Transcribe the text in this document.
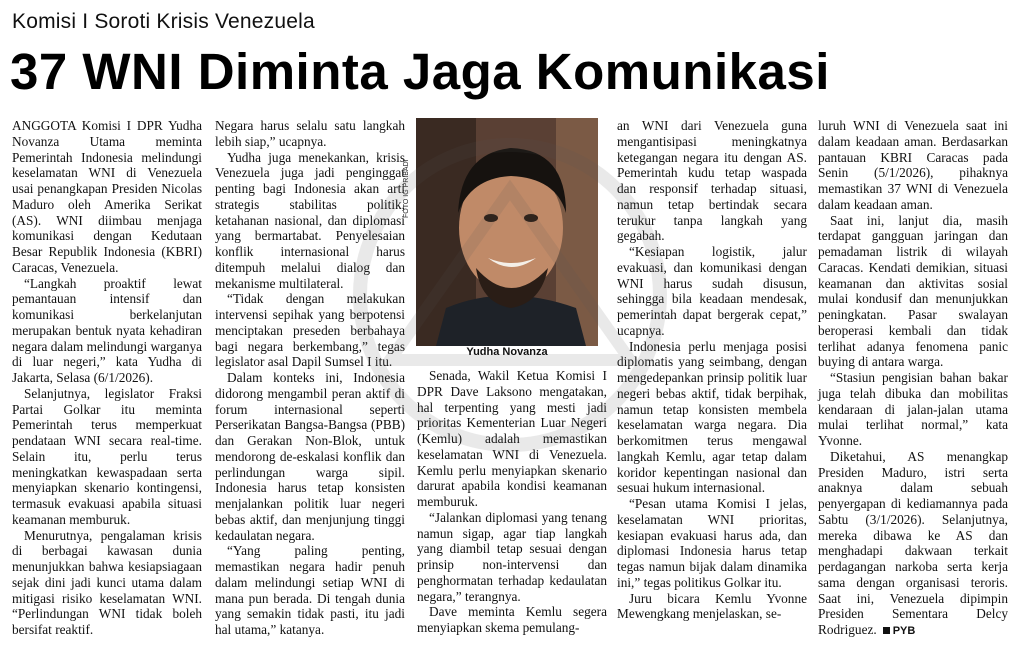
Komisi I Soroti Krisis Venezuela
37 WNI Diminta Jaga Komunikasi

ANGGOTA Komisi I DPR Yudha Novanza Utama meminta Pemerintah Indonesia melindungi keselamatan WNI di Venezuela usai penangkapan Presiden Nicolas Maduro oleh Amerika Serikat (AS). WNI diimbau menjaga komunikasi dengan Kedutaan Besar Republik Indonesia (KBRI) Caracas, Venezuela.

“Langkah proaktif lewat pemantauan intensif dan komunikasi berkelanjutan merupakan bentuk nyata kehadiran negara dalam melindungi warganya di luar negeri,” kata Yudha di Jakarta, Selasa (6/1/2026).

Selanjutnya, legislator Fraksi Partai Golkar itu meminta Pemerintah terus memperkuat pendataan WNI secara real-time. Selain itu, perlu terus meningkatkan kewaspadaan serta menyiapkan skenario kontingensi, termasuk evakuasi apabila situasi keamanan memburuk.

Menurutnya, pengalaman krisis di berbagai kawasan dunia menunjukkan bahwa kesiapsiagaan sejak dini jadi kunci utama dalam mitigasi risiko keselamatan WNI. “Perlindungan WNI tidak boleh bersifat reaktif.

Negara harus selalu satu langkah lebih siap,” ucapnya.

Yudha juga menekankan, krisis Venezuela juga jadi penginggat penting bagi Indonesia akan arti strategis stabilitas politik, ketahanan nasional, dan diplomasi yang bermartabat. Penyelesaian konflik internasional harus ditempuh melalui dialog dan mekanisme multilateral.

“Tidak dengan melakukan intervensi sepihak yang berpotensi menciptakan preseden berbahaya bagi negara berkembang,” tegas legislator asal Dapil Sumsel I itu.

Dalam konteks ini, Indonesia didorong mengambil peran aktif di forum internasional seperti Perserikatan Bangsa-Bangsa (PBB) dan Gerakan Non-Blok, untuk mendorong de-eskalasi konflik dan perlindungan warga sipil. Indonesia harus tetap konsisten menjalankan politik luar negeri bebas aktif, dan menjunjung tinggi kedaulatan negara.

“Yang paling penting, memastikan negara hadir penuh dalam melindungi setiap WNI di mana pun berada. Di tengah dunia yang semakin tidak pasti, itu jadi hal utama,” katanya.

FOTO IG PRIBADI
Yudha Novanza

Senada, Wakil Ketua Komisi I DPR Dave Laksono mengatakan, hal terpenting yang mesti jadi prioritas Kementerian Luar Negeri (Kemlu) adalah memastikan keselamatan WNI di Venezuela. Kemlu perlu menyiapkan skenario darurat apabila kondisi keamanan memburuk.

“Jalankan diplomasi yang tenang namun sigap, agar tiap langkah yang diambil tetap sesuai dengan prinsip non-intervensi dan penghormatan terhadap kedaulatan negara,” terangnya.

Dave meminta Kemlu segera menyiapkan skema pemulang-

an WNI dari Venezuela guna mengantisipasi meningkatnya ketegangan negara itu dengan AS. Pemerintah kudu tetap waspada dan responsif terhadap situasi, namun tetap bertindak secara terukur tanpa langkah yang gegabah.

“Kesiapan logistik, jalur evakuasi, dan komunikasi dengan WNI harus sudah disusun, sehingga bila keadaan mendesak, pemerintah dapat bergerak cepat,” ucapnya.

Indonesia perlu menjaga posisi diplomatis yang seimbang, dengan mengedepankan prinsip politik luar negeri bebas aktif, tidak berpihak, namun tetap konsisten membela keselamatan warga negara. Dia berkomitmen terus mengawal langkah Kemlu, agar tetap dalam koridor kepentingan nasional dan sesuai hukum internasional.

“Pesan utama Komisi I jelas, keselamatan WNI prioritas, kesiapan evakuasi harus ada, dan diplomasi Indonesia harus tetap tegas namun bijak dalam dinamika ini,” tegas politikus Golkar itu.

Juru bicara Kemlu Yvonne Mewengkang menjelaskan, se-

luruh WNI di Venezuela saat ini dalam keadaan aman. Berdasarkan pantauan KBRI Caracas pada Senin (5/1/2026), pihaknya memastikan 37 WNI di Venezuela dalam keadaan aman.

Saat ini, lanjut dia, masih terdapat gangguan jaringan dan pemadaman listrik di wilayah Caracas. Kendati demikian, situasi keamanan dan aktivitas sosial mulai kondusif dan menunjukkan peningkatan. Pasar swalayan beroperasi kembali dan tidak terlihat adanya fenomena panic buying di antara warga.

“Stasiun pengisian bahan bakar juga telah dibuka dan mobilitas kendaraan di jalan-jalan utama mulai terlihat normal,” kata Yvonne.

Diketahui, AS menangkap Presiden Maduro, istri serta anaknya dalam sebuah penyergapan di kediamannya pada Sabtu (3/1/2026). Selanjutnya, mereka dibawa ke AS dan menghadapi dakwaan terkait perdagangan narkoba serta kerja sama dengan organisasi teroris. Saat ini, Venezuela dipimpin Presiden Sementara Delcy Rodriguez. PYB
